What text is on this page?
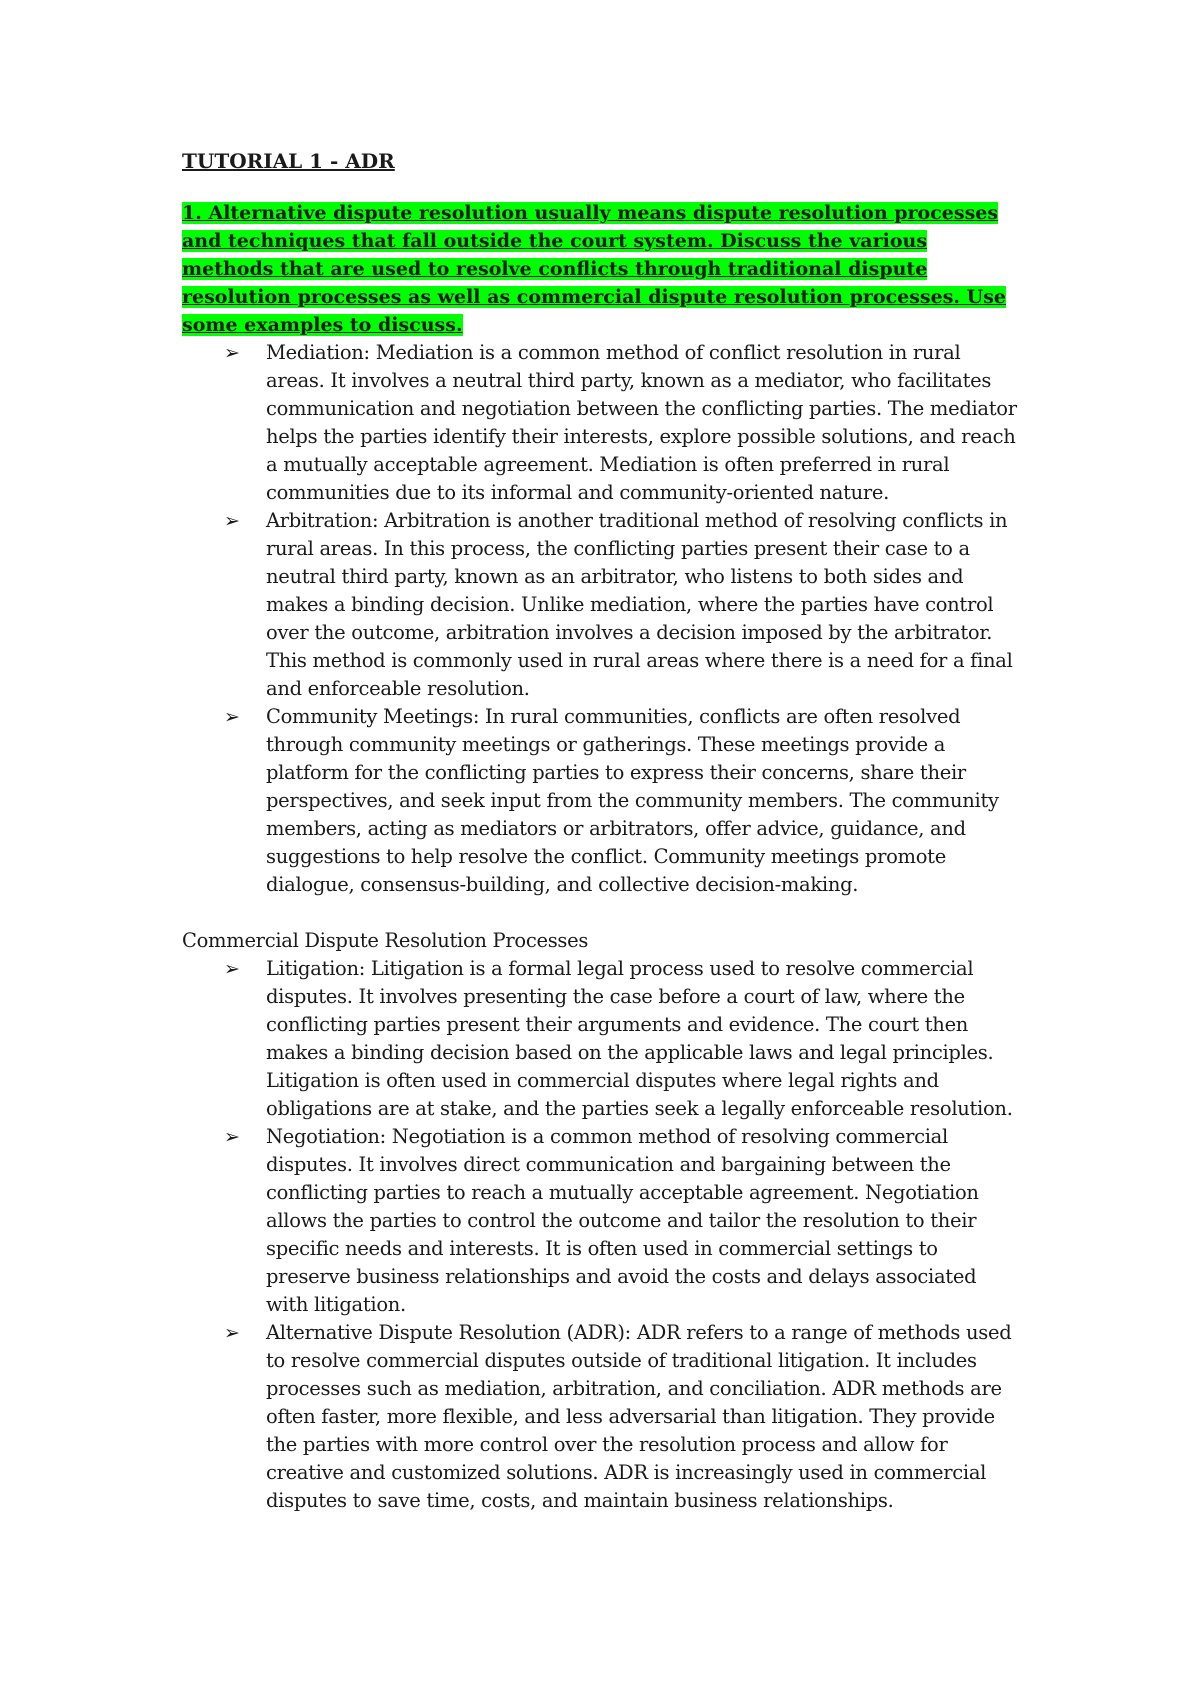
TUTORIAL 1 - ADR
1. Alternative dispute resolution usually means dispute resolution processes and techniques that fall outside the court system. Discuss the various methods that are used to resolve conflicts through traditional dispute resolution processes as well as commercial dispute resolution processes. Use some examples to discuss.
➢ Mediation: Mediation is a common method of conflict resolution in rural areas. It involves a neutral third party, known as a mediator, who facilitates communication and negotiation between the conflicting parties. The mediator helps the parties identify their interests, explore possible solutions, and reach a mutually acceptable agreement. Mediation is often preferred in rural communities due to its informal and community-oriented nature.
➢ Arbitration: Arbitration is another traditional method of resolving conflicts in rural areas. In this process, the conflicting parties present their case to a neutral third party, known as an arbitrator, who listens to both sides and makes a binding decision. Unlike mediation, where the parties have control over the outcome, arbitration involves a decision imposed by the arbitrator. This method is commonly used in rural areas where there is a need for a final and enforceable resolution.
➢ Community Meetings: In rural communities, conflicts are often resolved through community meetings or gatherings. These meetings provide a platform for the conflicting parties to express their concerns, share their perspectives, and seek input from the community members. The community members, acting as mediators or arbitrators, offer advice, guidance, and suggestions to help resolve the conflict. Community meetings promote dialogue, consensus-building, and collective decision-making.
Commercial Dispute Resolution Processes
➢ Litigation: Litigation is a formal legal process used to resolve commercial disputes. It involves presenting the case before a court of law, where the conflicting parties present their arguments and evidence. The court then makes a binding decision based on the applicable laws and legal principles. Litigation is often used in commercial disputes where legal rights and obligations are at stake, and the parties seek a legally enforceable resolution.
➢ Negotiation: Negotiation is a common method of resolving commercial disputes. It involves direct communication and bargaining between the conflicting parties to reach a mutually acceptable agreement. Negotiation allows the parties to control the outcome and tailor the resolution to their specific needs and interests. It is often used in commercial settings to preserve business relationships and avoid the costs and delays associated with litigation.
➢ Alternative Dispute Resolution (ADR): ADR refers to a range of methods used to resolve commercial disputes outside of traditional litigation. It includes processes such as mediation, arbitration, and conciliation. ADR methods are often faster, more flexible, and less adversarial than litigation. They provide the parties with more control over the resolution process and allow for creative and customized solutions. ADR is increasingly used in commercial disputes to save time, costs, and maintain business relationships.
